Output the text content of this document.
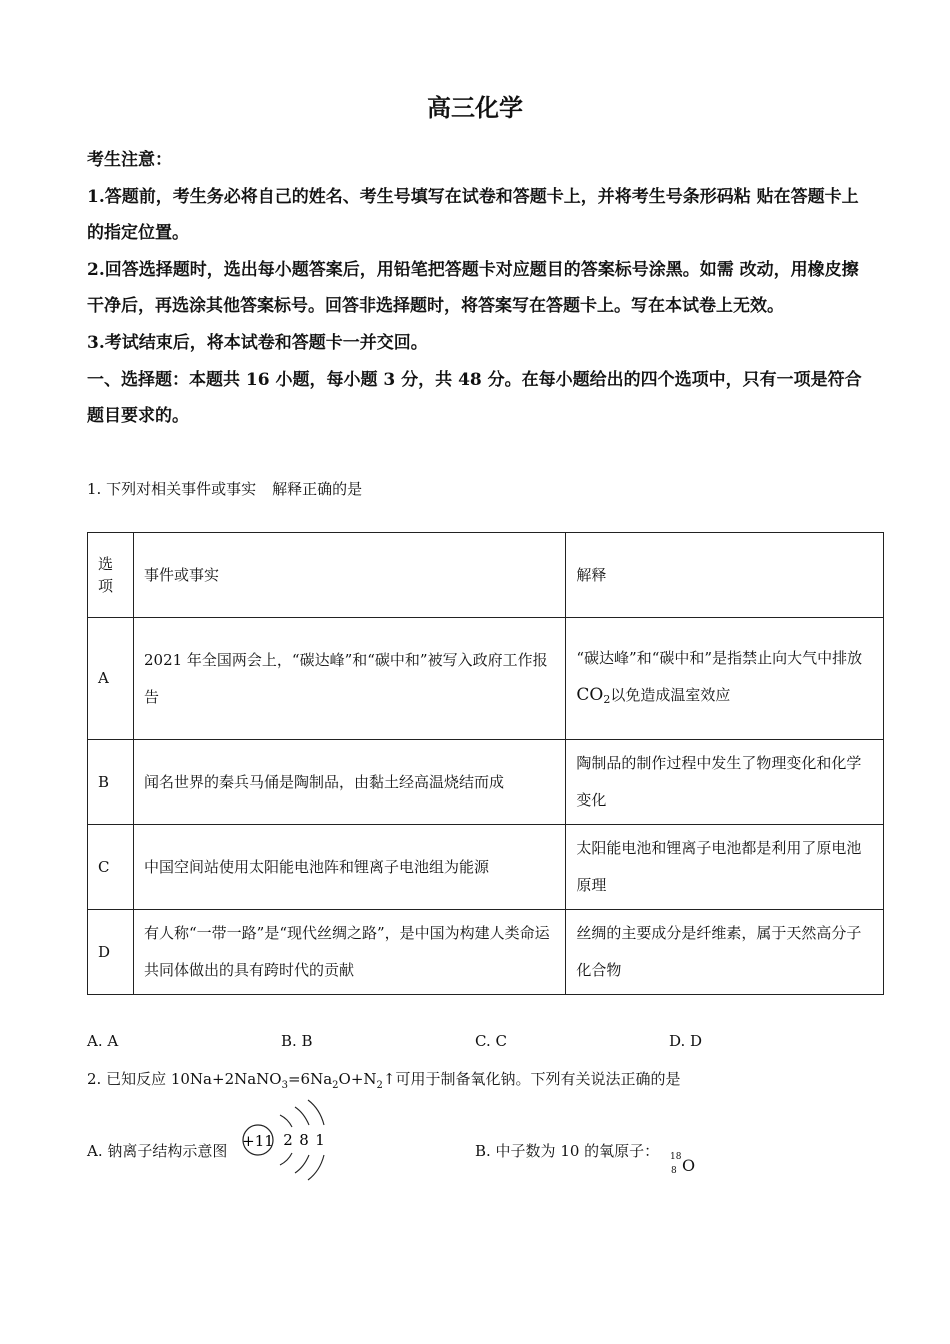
高三化学

考生注意：

1.答题前，考生务必将自己的姓名、考生号填写在试卷和答题卡上，并将考生号条形码粘 贴在答题卡上的指定位置。

2.回答选择题时，选出每小题答案后，用铅笔把答题卡对应题目的答案标号涂黑。如需 改动，用橡皮擦干净后，再选涂其他答案标号。回答非选择题时，将答案写在答题卡上。写在本试卷上无效。

3.考试结束后，将本试卷和答题卡一并交回。

一、选择题：本题共 16 小题，每小题 3 分，共 48 分。在每小题给出的四个选项中，只有一项是符合题目要求的。

1. 下列对相关事件或事实 解释正确的是
选项	事件或事实	解释
A	2021 年全国两会上，“碳达峰”和“碳中和”被写入政府工作报告	“碳达峰”和“碳中和”是指禁止向大气中排放$CO_2$以免造成温室效应
B	闻名世界的秦兵马俑是陶制品，由黏土经高温烧结而成	陶制品的制作过程中发生了物理变化和化学变化
C	中国空间站使用太阳能电池阵和锂离子电池组为能源	太阳能电池和锂离子电池都是利用了原电池原理
D	有人称“一带一路”是“现代丝绸之路”，是中国为构建人类命运共同体做出的具有跨时代的贡献	丝绸的主要成分是纤维素，属于天然高分子化合物
A. A	B. B	C. C	D. D
2. 已知反应 $10Na+2NaNO_3=6Na_2O+N_2↑$可用于制备氧化钠。下列有关说法正确的是
A. 钠离子结构示意图
+11 2 8 1
B. 中子数为 10 的氧原子： 18
8 O
